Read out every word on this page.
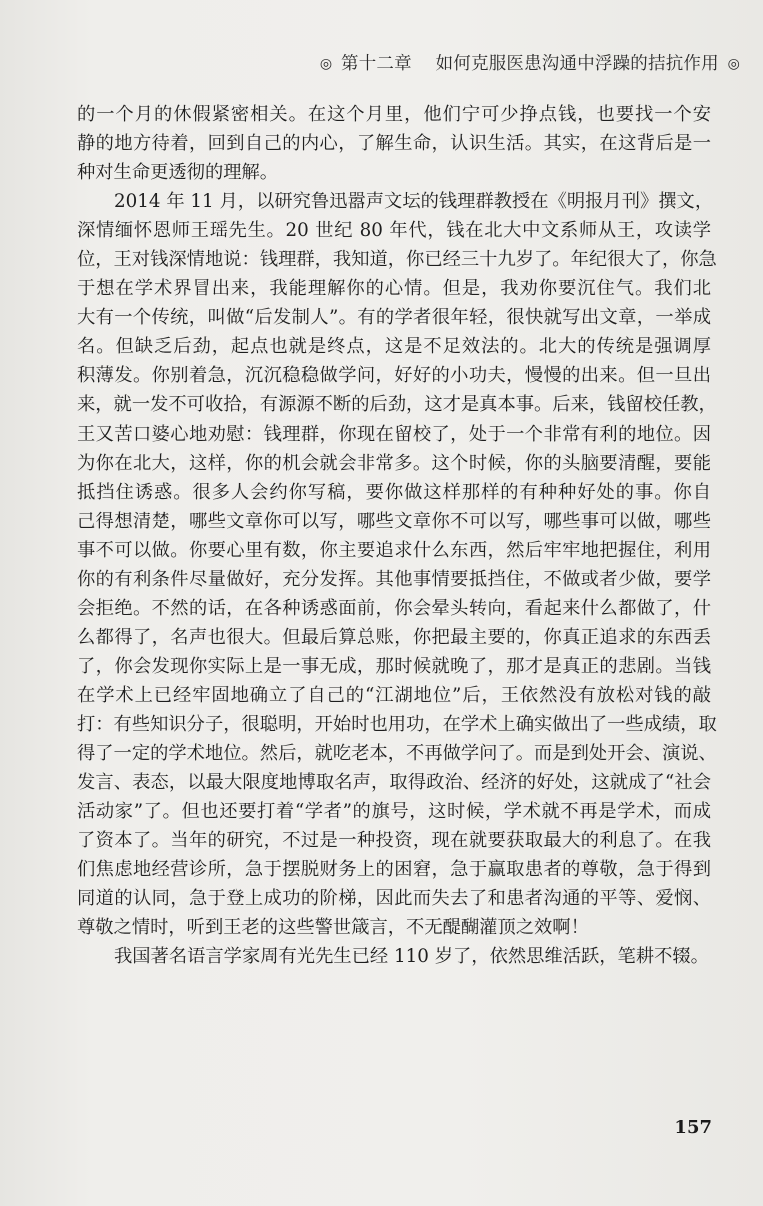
◎ 第十二章 如何克服医患沟通中浮躁的拮抗作用 ◎
的一个月的休假紧密相关。在这个月里，他们宁可少挣点钱，也要找一个安
静的地方待着，回到自己的内心，了解生命，认识生活。其实，在这背后是一
种对生命更透彻的理解。
2014 年 11 月，以研究鲁迅嚣声文坛的钱理群教授在《明报月刊》撰文，
深情缅怀恩师王瑶先生。20 世纪 80 年代，钱在北大中文系师从王，攻读学
位，王对钱深情地说：钱理群，我知道，你已经三十九岁了。年纪很大了，你急
于想在学术界冒出来，我能理解你的心情。但是，我劝你要沉住气。我们北
大有一个传统，叫做“后发制人”。有的学者很年轻，很快就写出文章，一举成
名。但缺乏后劲，起点也就是终点，这是不足效法的。北大的传统是强调厚
积薄发。你别着急，沉沉稳稳做学问，好好的小功夫，慢慢的出来。但一旦出
来，就一发不可收拾，有源源不断的后劲，这才是真本事。后来，钱留校任教，
王又苦口婆心地劝慰：钱理群，你现在留校了，处于一个非常有利的地位。因
为你在北大，这样，你的机会就会非常多。这个时候，你的头脑要清醒，要能
抵挡住诱惑。很多人会约你写稿，要你做这样那样的有种种好处的事。你自
己得想清楚，哪些文章你可以写，哪些文章你不可以写，哪些事可以做，哪些
事不可以做。你要心里有数，你主要追求什么东西，然后牢牢地把握住，利用
你的有利条件尽量做好，充分发挥。其他事情要抵挡住，不做或者少做，要学
会拒绝。不然的话，在各种诱惑面前，你会晕头转向，看起来什么都做了，什
么都得了，名声也很大。但最后算总账，你把最主要的，你真正追求的东西丢
了，你会发现你实际上是一事无成，那时候就晚了，那才是真正的悲剧。当钱
在学术上已经牢固地确立了自己的“江湖地位”后，王依然没有放松对钱的敲
打：有些知识分子，很聪明，开始时也用功，在学术上确实做出了一些成绩，取
得了一定的学术地位。然后，就吃老本，不再做学问了。而是到处开会、演说、
发言、表态，以最大限度地博取名声，取得政治、经济的好处，这就成了“社会
活动家”了。但也还要打着“学者”的旗号，这时候，学术就不再是学术，而成
了资本了。当年的研究，不过是一种投资，现在就要获取最大的利息了。在我
们焦虑地经营诊所，急于摆脱财务上的困窘，急于赢取患者的尊敬，急于得到
同道的认同，急于登上成功的阶梯，因此而失去了和患者沟通的平等、爱悯、
尊敬之情时，听到王老的这些警世箴言，不无醍醐灌顶之效啊！
我国著名语言学家周有光先生已经 110 岁了，依然思维活跃，笔耕不辍。
157
